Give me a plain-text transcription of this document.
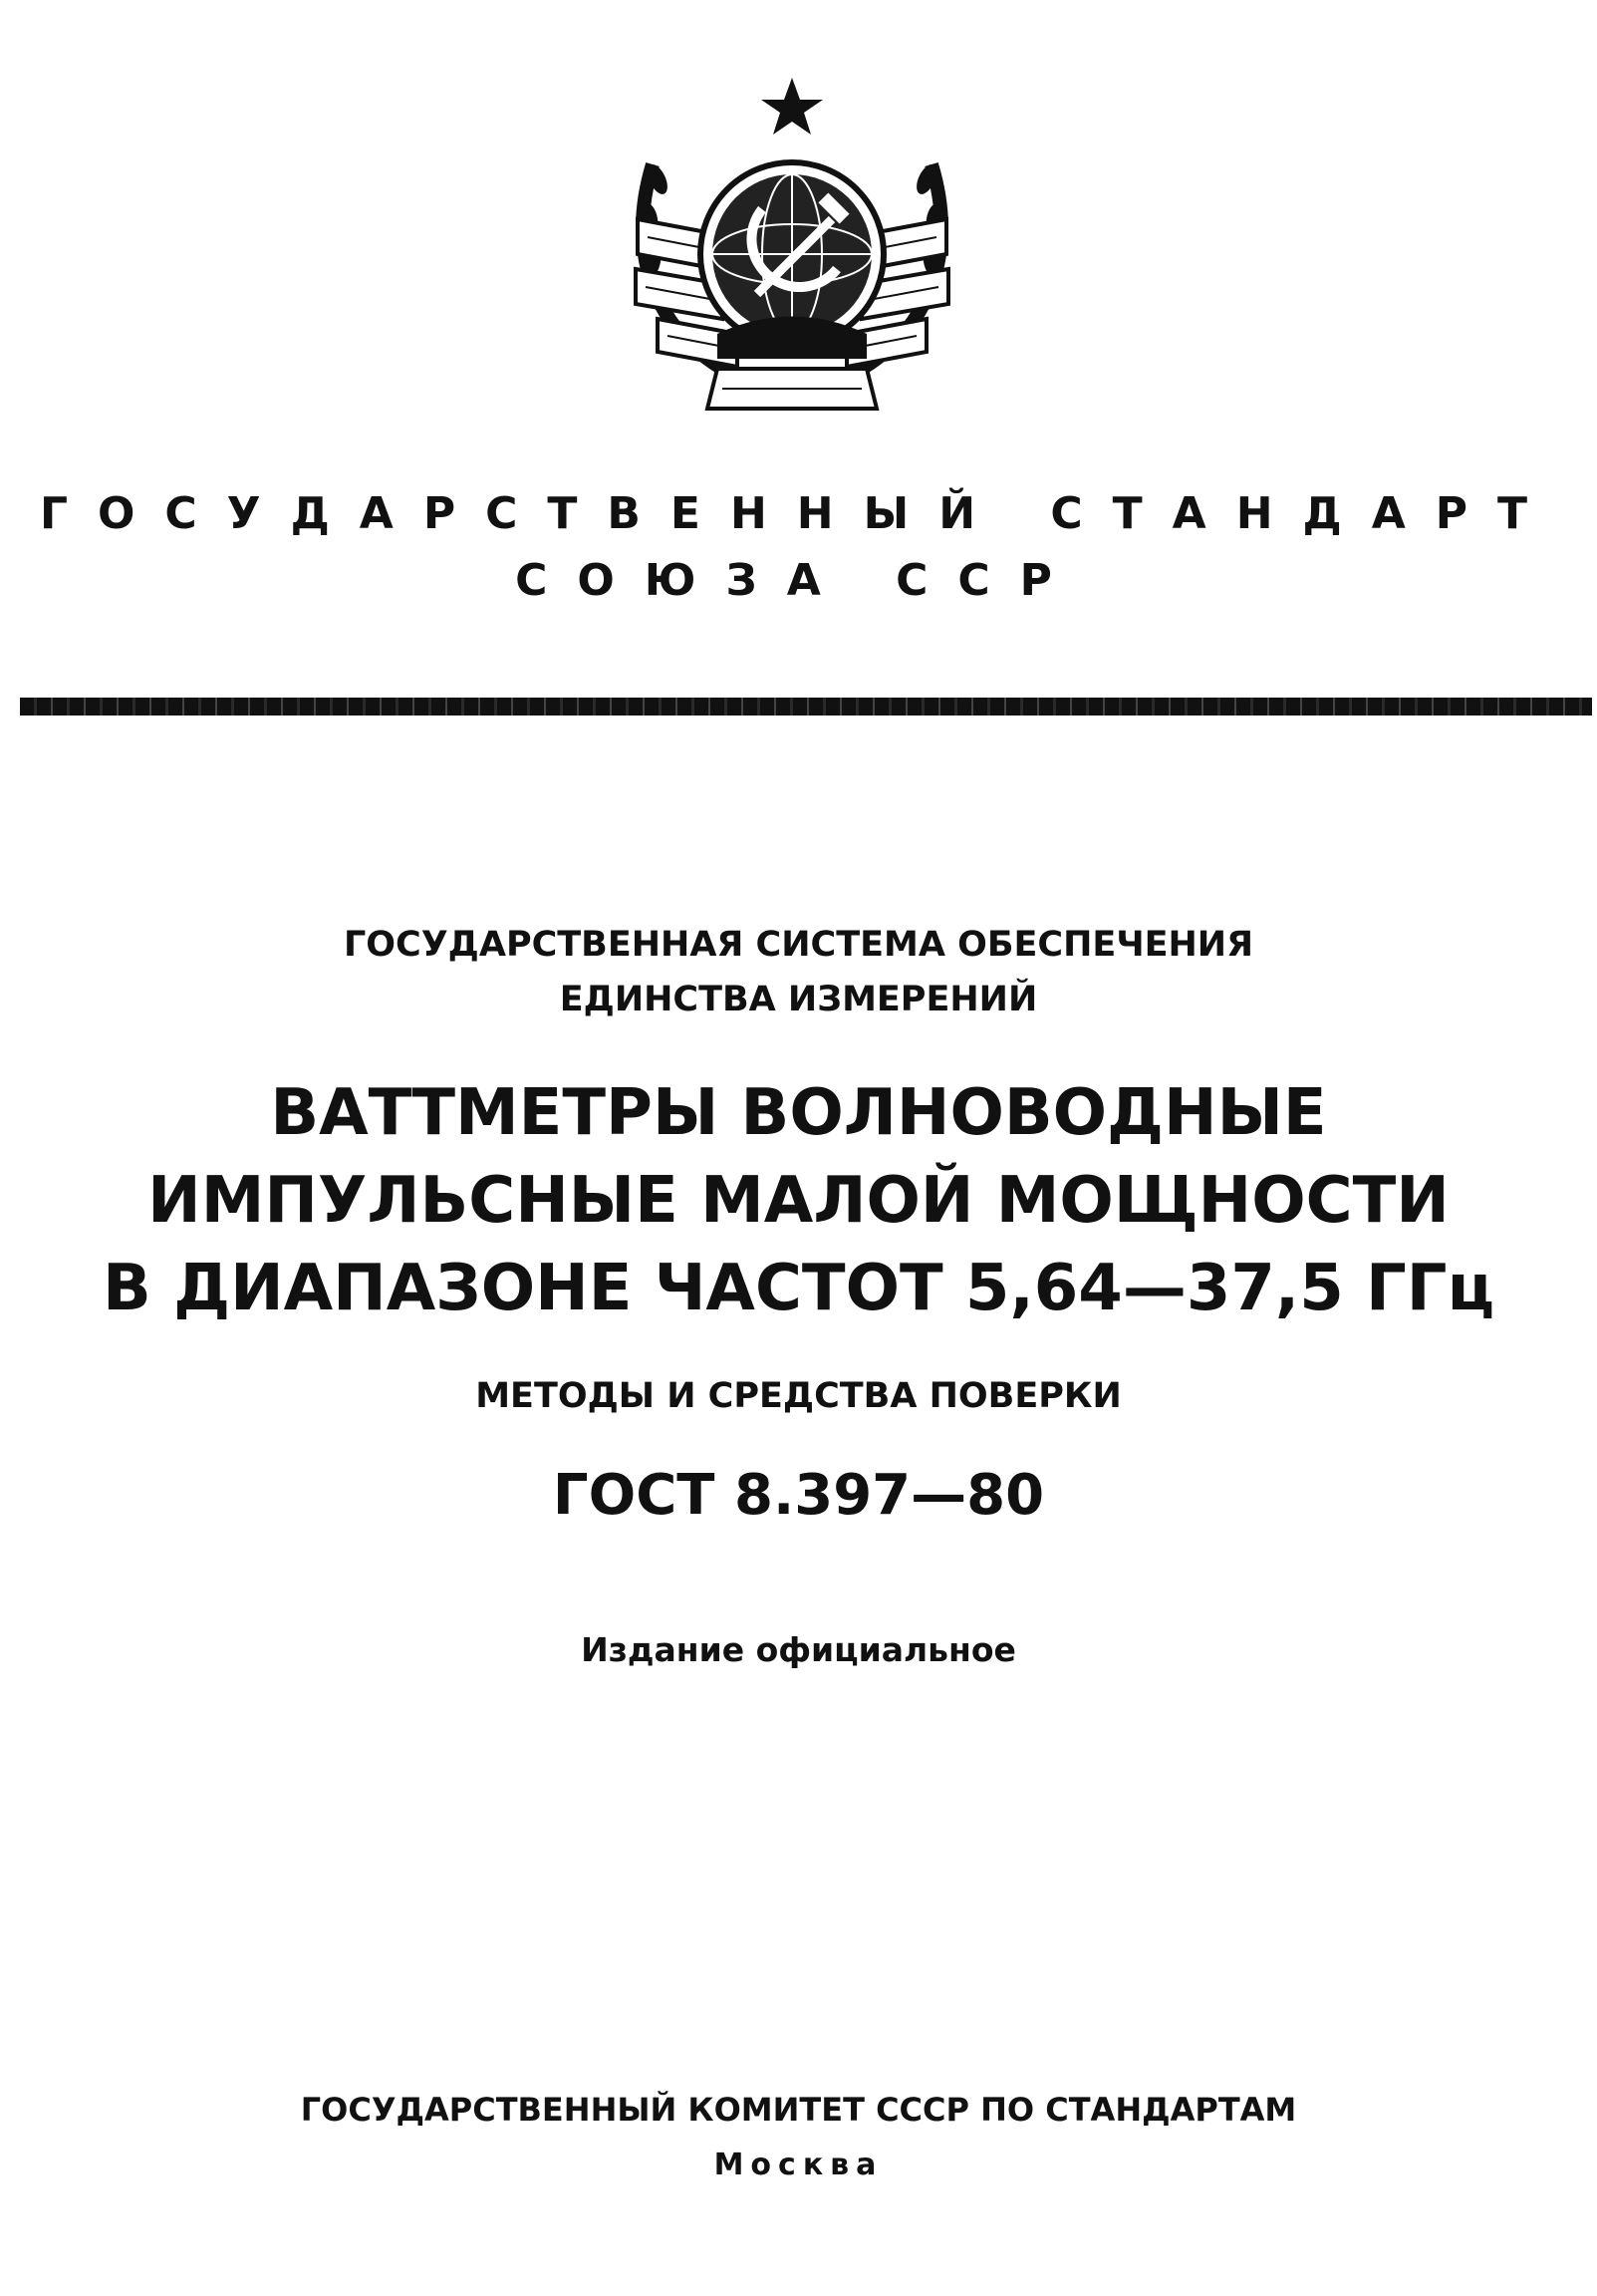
ГОСУДАРСТВЕННЫЙ СТАНДАРТ
СОЮЗА ССР
ГОСУДАРСТВЕННАЯ СИСТЕМА ОБЕСПЕЧЕНИЯ
ЕДИНСТВА ИЗМЕРЕНИЙ
ВАТТМЕТРЫ ВОЛНОВОДНЫЕ
ИМПУЛЬСНЫЕ МАЛОЙ МОЩНОСТИ
В ДИАПАЗОНЕ ЧАСТОТ 5,64—37,5 ГГц
МЕТОДЫ И СРЕДСТВА ПОВЕРКИ
ГОСТ 8.397—80
Издание официальное
ГОСУДАРСТВЕННЫЙ КОМИТЕТ СССР ПО СТАНДАРТАМ
Москва
